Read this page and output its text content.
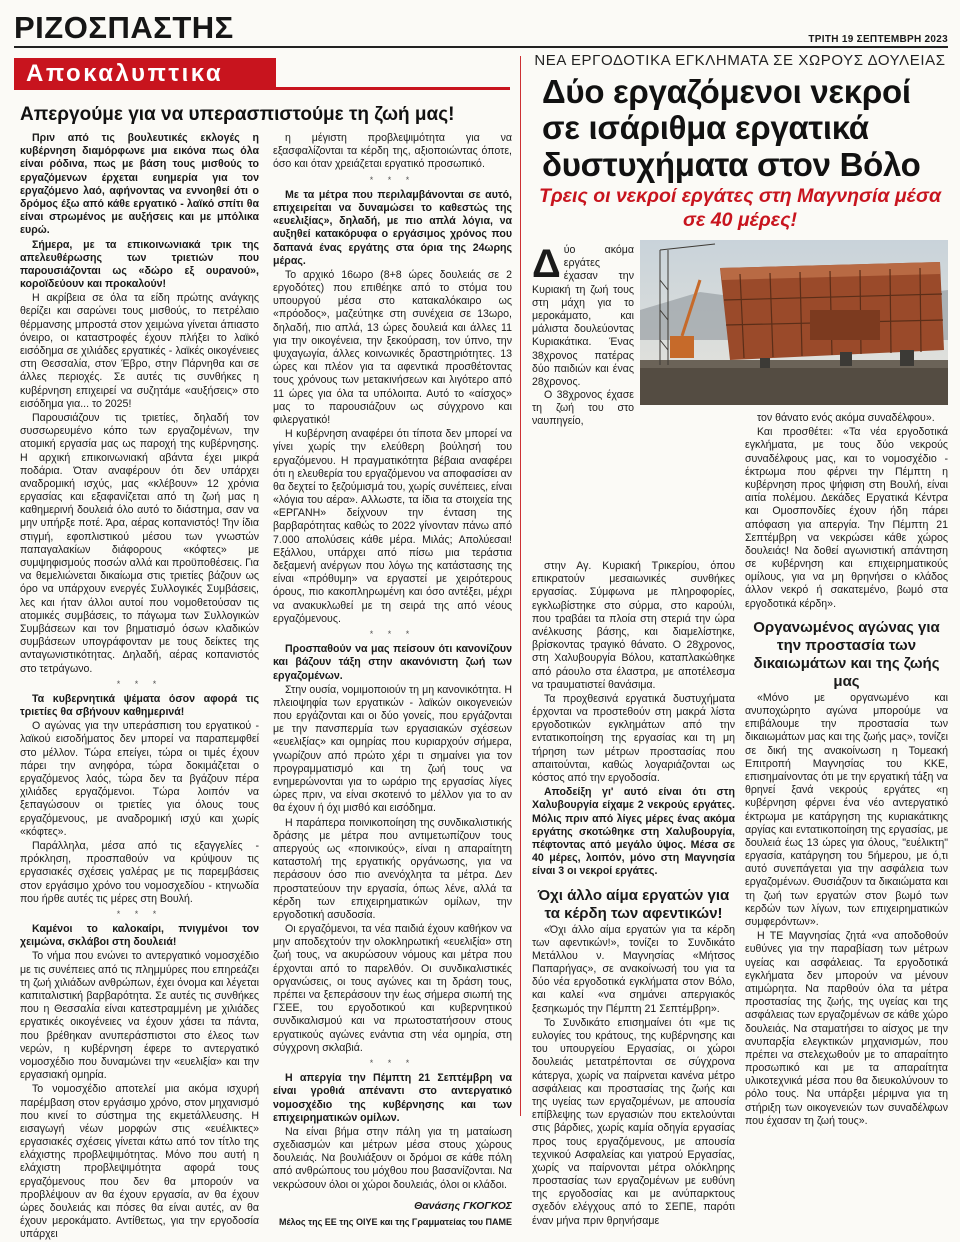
ΡΙΖΟΣΠΑΣΤΗΣ	ΤΡΙΤΗ 19 ΣΕΠΤΕΜΒΡΗ 2023
Αποκαλυπτικα
Απεργούμε για να υπερασπιστούμε τη ζωή μας!

Πριν από τις βουλευτικές εκλογές η κυβέρνηση διαμόρφωνε μια εικόνα πως όλα είναι ρόδινα, πως με βάση τους μισθούς το εργαζόμενων έρχεται ευημερία για τον εργαζόμενο λαό, αφήνοντας να εννοηθεί ότι ο δρόμος έξω από κάθε εργατικό - λαϊκό σπίτι θα είναι στρωμένος με αυξήσεις και με μπόλικα ευρώ.

Σήμερα, με τα επικοινωνιακά τρικ της απελευθέρωσης των τριετιών που παρουσιάζονται ως «δώρο εξ ουρανού», κοροϊδεύουν και προκαλούν!

Η ακρίβεια σε όλα τα είδη πρώτης ανάγκης θερίζει και σαρώνει τους μισθούς, το πετρέλαιο θέρμανσης μπροστά στον χειμώνα γίνεται άπιαστο όνειρο, οι καταστροφές έχουν πλήξει το λαϊκό εισόδημα σε χιλιάδες εργατικές - λαϊκές οικογένειες στη Θεσσαλία, στον Έβρο, στην Πάρνηθα και σε άλλες περιοχές. Σε αυτές τις συνθήκες η κυβέρνηση επιχειρεί να συζητάμε «αυξήσεις» στο εισόδημα για... το 2025!

Παρουσιάζουν τις τριετίες, δηλαδή τον συσσωρευμένο κόπο των εργαζομένων, την ατομική εργασία μας ως παροχή της κυβέρνησης. Η αρχική επικοινωνιακή αβάντα έχει μικρά ποδάρια. Όταν αναφέρουν ότι δεν υπάρχει αναδρομική ισχύς, μας «κλέβουν» 12 χρόνια εργασίας και εξαφανίζεται από τη ζωή μας η καθημερινή δουλειά όλο αυτό το διάστημα, σαν να μην υπήρξε ποτέ. Άρα, αέρας κοπανιστός! Την ίδια στιγμή, εφοπλιστικού μέσου των γνωστών παπαγαλακίων διάφορους «κόφτες» με συμψηφισμούς ποσών αλλά και προϋποθέσεις. Για να θεμελιώνεται δικαίωμα στις τριετίες βάζουν ως όρο να υπάρχουν ενεργές Συλλογικές Συμβάσεις, λες και ήταν άλλοι αυτοί που νομοθετούσαν τις ατομικές συμβάσεις, το πάγωμα των Συλλογικών Συμβάσεων και τον βηματισμό όσων κλαδικών συμβάσεων υπογράφονταν με τους δείκτες της ανταγωνιστικότητας. Δηλαδή, αέρας κοπανιστός στο τετράγωνο.

* * *

Τα κυβερνητικά ψέματα όσον αφορά τις τριετίες θα σβήνουν καθημερινά!

Ο αγώνας για την υπεράσπιση του εργατικού - λαϊκού εισοδήματος δεν μπορεί να παραπεμφθεί στο μέλλον. Τώρα επείγει, τώρα οι τιμές έχουν πάρει την ανηφόρα, τώρα δοκιμάζεται ο εργαζόμενος λαός, τώρα δεν τα βγάζουν πέρα χιλιάδες εργαζόμενοι. Τώρα λοιπόν να ξεπαγώσουν οι τριετίες για όλους τους εργαζόμενους, με αναδρομική ισχύ και χωρίς «κόφτες».

Παράλληλα, μέσα από τις εξαγγελίες - πρόκληση, προσπαθούν να κρύψουν τις εργασιακές σχέσεις γαλέρας με τις παρεμβάσεις στον εργάσιμο χρόνο του νομοσχεδίου - κτηνωδία που ήρθε αυτές τις μέρες στη Βουλή.

* * *

Καμένοι το καλοκαίρι, πνιγμένοι τον χειμώνα, σκλάβοι στη δουλειά!

Το νήμα που ενώνει το αντεργατικό νομοσχέδιο με τις συνέπειες από τις πλημμύρες που επηρεάζει τη ζωή χιλιάδων ανθρώπων, έχει όνομα και λέγεται καπιταλιστική βαρβαρότητα. Σε αυτές τις συνθήκες που η Θεσσαλία είναι κατεστραμμένη με χιλιάδες εργατικές οικογένειες να έχουν χάσει τα πάντα, που βρέθηκαν ανυπεράσπιστοι στο έλεος των νερών, η κυβέρνηση έφερε το αντεργατικό νομοσχέδιο που δυναμώνει την «ευελιξία» και την εργασιακή ομηρία.

Το νομοσχέδιο αποτελεί μια ακόμα ισχυρή παρέμβαση στον εργάσιμο χρόνο, στον μηχανισμό που κινεί το σύστημα της εκμετάλλευσης. Η εισαγωγή νέων μορφών στις «ευέλικτες» εργασιακές σχέσεις γίνεται κάτω από τον τίτλο της ελάχιστης προβλεψιμότητας. Μόνο που αυτή η ελάχιστη προβλεψιμότητα αφορά τους εργαζόμενους που δεν θα μπορούν να προβλέψουν αν θα έχουν εργασία, αν θα έχουν ώρες δουλειάς και πόσες θα είναι αυτές, αν θα έχουν μεροκάματο. Αντίθετως, για την εργοδοσία υπάρχει

η μέγιστη προβλεψιμότητα για να εξασφαλίζονται τα κέρδη της, αξιοποιώντας όποτε, όσο και όταν χρειάζεται εργατικό προσωπικό.

* * *

Με τα μέτρα που περιλαμβάνονται σε αυτό, επιχειρείται να δυναμώσει το καθεστώς της «ευελιξίας», δηλαδή, με πιο απλά λόγια, να αυξηθεί κατακόρυφα ο εργάσιμος χρόνος που δαπανά ένας εργάτης στα όρια της 24ωρης μέρας.

Το αρχικό 16ωρο (8+8 ώρες δουλειάς σε 2 εργοδότες) που επιθέηκε από το στόμα του υπουργού μέσα στο κατακαλόκαιρο ως «πρόοδος», μαζεύτηκε στη συνέχεια σε 13ωρο, δηλαδή, πιο απλά, 13 ώρες δουλειά και άλλες 11 για την οικογένεια, την ξεκούραση, τον ύπνο, την ψυχαγωγία, άλλες κοινωνικές δραστηριότητες. 13 ώρες και πλέον για τα αφεντικά προσθέτοντας τους χρόνους των μετακινήσεων και λιγότερο από 11 ώρες για όλα τα υπόλοιπα. Αυτό το «αίσχος» μας το παρουσιάζουν ως σύγχρονο και φιλεργατικό!

Η κυβέρνηση αναφέρει ότι τίποτα δεν μπορεί να γίνει χωρίς την ελεύθερη βούλησή του εργαζόμενου. Η πραγματικότητα βέβαια αναφέρει ότι η ελευθερία του εργαζόμενου να αποφασίσει αν θα δεχτεί το ξεζούμισμά του, χωρίς συνέπειες, είναι «λόγια του αέρα». Αλλωστε, τα ίδια τα στοιχεία της «ΕΡΓΑΝΗ» δείχνουν την ένταση της βαρβαρότητας καθώς το 2022 γίνονταν πάνω από 7.000 απολύσεις κάθε μέρα. Μιλάς; Απολύεσαι! Εξάλλου, υπάρχει από πίσω μια τεράστια δεξαμενή ανέργων που λόγω της κατάστασης της είναι «πρόθυμη» να εργαστεί με χειρότερους όρους, πιο κακοπληρωμένη και όσο αντέξει, μέχρι να ανακυκλωθεί με τη σειρά της από νέους εργαζόμενους.

* * *

Προσπαθούν να μας πείσουν ότι κανονίζουν και βάζουν τάξη στην ακανόνιστη ζωή των εργαζομένων.

Στην ουσία, νομιμοποιούν τη μη κανονικότητα. Η πλειοψηφία των εργατικών - λαϊκών οικογενειών που εργάζονται και οι δύο γονείς, που εργάζονται με την πανσπερμία των εργασιακών σχέσεων «ευελιξίας» και ομηρίας που κυριαρχούν σήμερα, γνωρίζουν από πρώτο χέρι τι σημαίνει για τον προγραμματισμό και τη ζωή τους να ενημερώνονται για το ωράριο της εργασίας λίγες ώρες πριν, να είναι σκοτεινό το μέλλον για το αν θα έχουν ή όχι μισθό και εισόδημα.

Η παράπερα ποινικοποίηση της συνδικαλιστικής δράσης με μέτρα που αντιμετωπίζουν τους απεργούς ως «ποινικούς», είναι η απαραίτητη καταστολή της εργατικής οργάνωσης, για να περάσουν όσο πιο ανενόχλητα τα μέτρα. Δεν προστατεύουν την εργασία, όπως λένε, αλλά τα κέρδη των επιχειρηματικών ομίλων, την εργοδοτική ασυδοσία.

Οι εργαζόμενοι, τα νέα παιδιά έχουν καθήκον να μην αποδεχτούν την ολοκληρωτική «ευελιξία» στη ζωή τους, να ακυρώσουν νόμους και μέτρα που έρχονται από το παρελθόν. Οι συνδικαλιστικές οργανώσεις, οι τους αγώνες και τη δράση τους, πρέπει να ξεπεράσουν την έως σήμερα σιωπή της ΓΣΕΕ, του εργοδοτικού και κυβερνητικού συνδικαλισμού και να πρωτοστατήσουν στους εργατικούς αγώνες ενάντια στη νέα ομηρία, στη σύγχρονη σκλαβιά.

* * *

Η απεργία την Πέμπτη 21 Σεπτέμβρη να είναι γροθιά απέναντι στο αντεργατικό νομοσχέδιο της κυβέρνησης και των επιχειρηματικών ομίλων.

Να είναι βήμα στην πάλη για τη ματαίωση σχεδιασμών και μέτρων μέσα στους χώρους δουλειάς. Να βουλιάξουν οι δρόμοι σε κάθε πόλη από ανθρώπους του μόχθου που βασανίζονται. Να νεκρώσουν όλοι οι χώροι δουλειάς, όλοι οι κλάδοι.

Θανάσης ΓΚΟΓΚΟΣ
Μέλος της ΕΕ της ΟΙΥΕ και της Γραμματείας του ΠΑΜΕ
ΝΕΑ ΕΡΓΟΔΟΤΙΚΑ ΕΓΚΛΗΜΑΤΑ ΣΕ ΧΩΡΟΥΣ ΔΟΥΛΕΙΑΣ
Δύο εργαζόμενοι νεκροί σε ισάριθμα εργατικά δυστυχήματα στον Βόλο
Τρεις οι νεκροί εργάτες στη Μαγνησία μέσα σε 40 μέρες!
Δ ύο ακόμα εργάτες έχασαν την Κυριακή τη ζωή τους στη μάχη για το μεροκάματο, και μάλιστα δουλεύοντας Κυριακάτικα. Ένας 38χρονος πατέρας δύο παιδιών και ένας 28χρονος.

Ο 38χρονος έχασε τη ζωή του στο ναυπηγείο,

στην Αγ. Κυριακή Τρικερίου, όπου επικρατούν μεσαιωνικές συνθήκες εργασίας. Σύμφωνα με πληροφορίες, εγκλωβίστηκε στο σύρμα, στο καρούλι, που τραβάει τα πλοία στη στεριά την ώρα ανέλκυσης βάσης, και διαμελίστηκε, βρίσκοντας τραγικό θάνατο. Ο 28χρονος, στη Χαλυβουργία Βόλου, καταπλακώθηκε από ράουλο στα έλαστρα, με αποτέλεσμα να τραυματιστεί θανάσιμα.

Τα προχθεσινά εργατικά δυστυχήματα έρχονται να προστεθούν στη μακρά λίστα εργοδοτικών εγκλημάτων από την εντατικοποίηση της εργασίας και τη μη τήρηση των μέτρων προστασίας που απαιτούνται, καθώς λογαριάζονται ως κόστος από την εργοδοσία.

Αποδείξη γι' αυτό είναι ότι στη Χαλυβουργία είχαμε 2 νεκρούς εργάτες. Μόλις πριν από λίγες μέρες ένας ακόμα εργάτης σκοτώθηκε στη Χαλυβουργία, πέφτοντας από μεγάλο ύψος. Μέσα σε 40 μέρες, λοιπόν, μόνο στη Μαγνησία είναι 3 οι νεκροί εργάτες.

Όχι άλλο αίμα εργατών για τα κέρδη των αφεντικών!

«Όχι άλλο αίμα εργατών για τα κέρδη των αφεντικών!», τονίζει το Συνδικάτο Μετάλλου ν. Μαγνησίας «Μήτσος Παπαρήγας», σε ανακοίνωσή του για τα δύο νέα εργοδοτικά εγκλήματα στον Βόλο, και καλεί «να σημάνει απεργιακός ξεσηκωμός την Πέμπτη 21 Σεπτέμβρη».

Το Συνδικάτο επισημαίνει ότι «με τις ευλογίες του κράτους, της κυβέρνησης και του υπουργείου Εργασίας, οι χώροι δουλειάς μετατρέπονται σε σύγχρονα κάτεργα, χωρίς να παίρνεται κανένα μέτρο ασφάλειας και προστασίας της ζωής και της υγείας των εργαζομένων, με απουσία επίβλεψης των εργασιών που εκτελούνται στις βάρδιες, χωρίς καμία οδηγία εργασίας προς τους εργαζόμενους, με απουσία τεχνικού Ασφαλείας και γιατρού Εργασίας, χωρίς να παίρνονται μέτρα ολόκληρης προστασίας των εργαζομένων με ευθύνη της εργοδοσίας και με ανύπαρκτους σχεδόν ελέγχους από το ΣΕΠΕ, παρότι έναν μήνα πριν θρηνήσαμε

τον θάνατο ενός ακόμα συναδέλφου».

Και προσθέτει: «Τα νέα εργοδοτικά εγκλήματα, με τους δύο νεκρούς συναδέλφους μας, και το νομοσχέδιο - έκτρωμα που φέρνει την Πέμπτη η κυβέρνηση προς ψήφιση στη Βουλή, είναι αιτία πολέμου. Δεκάδες Εργατικά Κέντρα και Ομοσπονδίες έχουν ήδη πάρει απόφαση για απεργία. Την Πέμπτη 21 Σεπτέμβρη να νεκρώσει κάθε χώρος δουλειάς! Να δοθεί αγωνιστική απάντηση σε κυβέρνηση και επιχειρηματικούς ομίλους, για να μη θρηνήσει ο κλάδος άλλον νεκρό ή σακατεμένο, βωμό στα εργοδοτικά κέρδη».

Οργανωμένος αγώνας για την προστασία των δικαιωμάτων και της ζωής μας

«Μόνο με οργανωμένο και ανυποχώρητο αγώνα μπορούμε να επιβάλουμε την προστασία των δικαιωμάτων μας και της ζωής μας», τονίζει σε δική της ανακοίνωση η Τομεακή Επιτροπή Μαγνησίας του ΚΚΕ, επισημαίνοντας ότι με την εργατική τάξη να θρηνεί ξανά νεκρούς εργάτες «η κυβέρνηση φέρνει ένα νέο αντεργατικό έκτρωμα με κατάργηση της κυριακάτικης αργίας και εντατικοποίηση της εργασίας, με δουλειά έως 13 ώρες για όλους, "ευέλικτη" εργασία, κατάργηση του 5ήμερου, με ό,τι αυτό συνεπάγεται για την ασφάλεια των εργαζομένων. Θυσιάζουν τα δικαιώματα και τη ζωή των εργατών στον βωμό των κερδών των λίγων, των επιχειρηματικών συμφερόντων».

Η ΤΕ Μαγνησίας ζητά «να αποδοθούν ευθύνες για την παραβίαση των μέτρων υγείας και ασφάλειας. Τα εργοδοτικά εγκλήματα δεν μπορούν να μένουν ατιμώρητα. Να παρθούν όλα τα μέτρα προστασίας της ζωής, της υγείας και της ασφάλειας των εργαζομένων σε κάθε χώρο δουλειάς. Να σταματήσει το αίσχος με την ανυπαρξία ελεγκτικών μηχανισμών, που πρέπει να στελεχωθούν με το απαραίτητο προσωπικό και με τα απαραίτητα υλικοτεχνικά μέσα που θα διευκολύνουν το ρόλο τους. Να υπάρξει μέριμνα για τη στήριξη των οικογενειών των συναδέλφων που έχασαν τη ζωή τους».
